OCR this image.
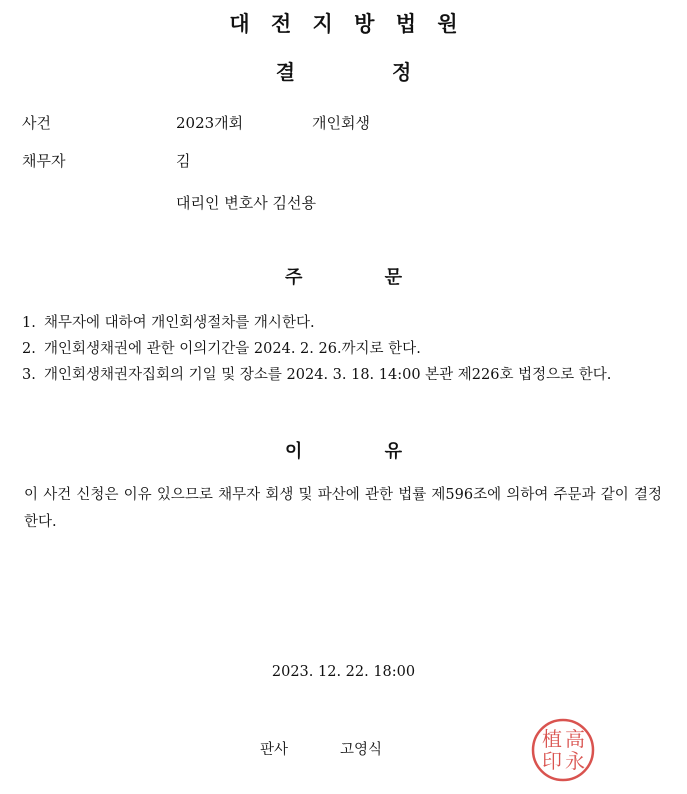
대 전 지 방 법 원
결 정
사건	2023개회	개인회생
채무자	김
대리인 변호사 김선용
주 문
1. 채무자에 대하여 개인회생절차를 개시한다.
2. 개인회생채권에 관한 이의기간을 2024. 2. 26.까지로 한다.
3. 개인회생채권자집회의 기일 및 장소를 2024. 3. 18. 14:00 본관 제226호 법정으로 한다.
이 유

이 사건 신청은 이유 있으므로 채무자 회생 및 파산에 관한 법률 제596조에 의하여 주문과 같이 결정한다.

2023. 12. 22. 18:00
판사	고영식	高
永
植
印
